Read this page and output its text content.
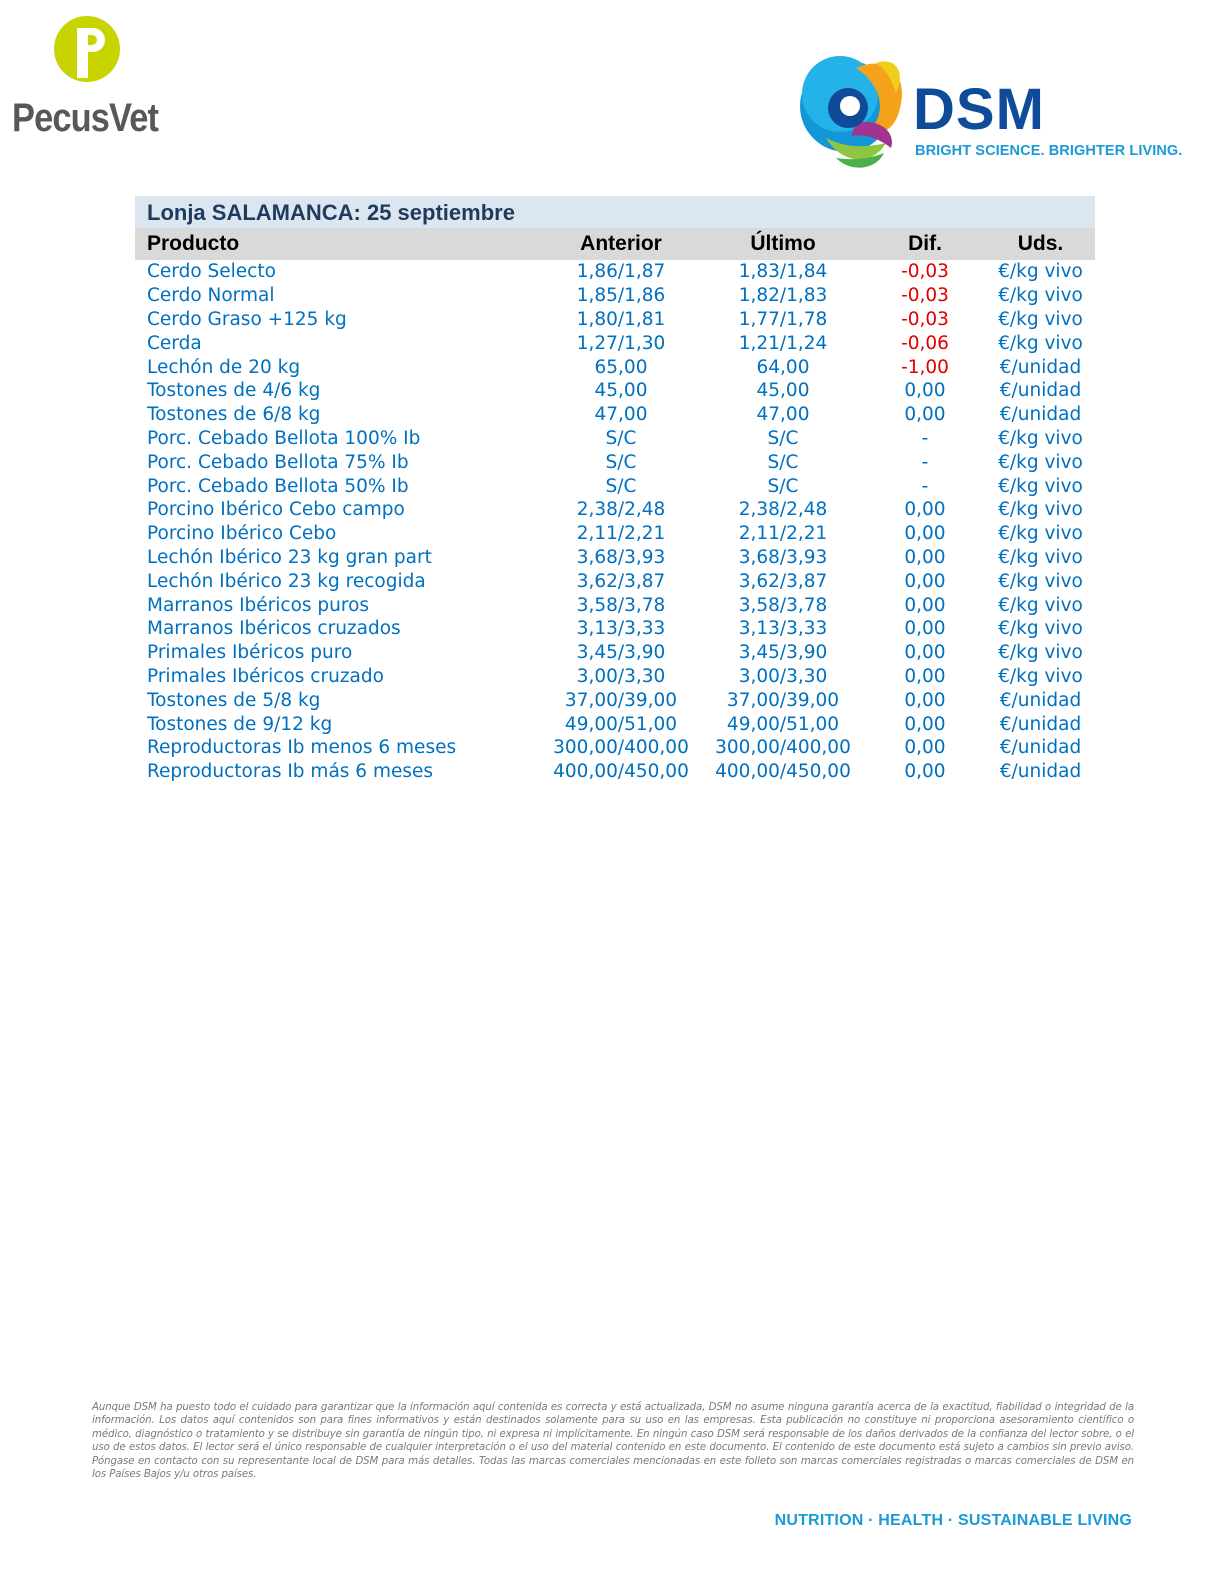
PecusVet	DSM
BRIGHT SCIENCE. BRIGHTER LIVING.
Lonja SALAMANCA: 25 septiembre
Producto	Anterior	Último	Dif.	Uds.
Cerdo Selecto	1,86/1,87	1,83/1,84	-0,03	€/kg vivo
Cerdo Normal	1,85/1,86	1,82/1,83	-0,03	€/kg vivo
Cerdo Graso +125 kg	1,80/1,81	1,77/1,78	-0,03	€/kg vivo
Cerda	1,27/1,30	1,21/1,24	-0,06	€/kg vivo
Lechón de 20 kg	65,00	64,00	-1,00	€/unidad
Tostones de 4/6 kg	45,00	45,00	0,00	€/unidad
Tostones de 6/8 kg	47,00	47,00	0,00	€/unidad
Porc. Cebado Bellota 100% Ib	S/C	S/C	-	€/kg vivo
Porc. Cebado Bellota 75% Ib	S/C	S/C	-	€/kg vivo
Porc. Cebado Bellota 50% Ib	S/C	S/C	-	€/kg vivo
Porcino Ibérico Cebo campo	2,38/2,48	2,38/2,48	0,00	€/kg vivo
Porcino Ibérico Cebo	2,11/2,21	2,11/2,21	0,00	€/kg vivo
Lechón Ibérico 23 kg gran part	3,68/3,93	3,68/3,93	0,00	€/kg vivo
Lechón Ibérico 23 kg recogida	3,62/3,87	3,62/3,87	0,00	€/kg vivo
Marranos Ibéricos puros	3,58/3,78	3,58/3,78	0,00	€/kg vivo
Marranos Ibéricos cruzados	3,13/3,33	3,13/3,33	0,00	€/kg vivo
Primales Ibéricos puro	3,45/3,90	3,45/3,90	0,00	€/kg vivo
Primales Ibéricos cruzado	3,00/3,30	3,00/3,30	0,00	€/kg vivo
Tostones de 5/8 kg	37,00/39,00	37,00/39,00	0,00	€/unidad
Tostones de 9/12 kg	49,00/51,00	49,00/51,00	0,00	€/unidad
Reproductoras Ib menos 6 meses	300,00/400,00	300,00/400,00	0,00	€/unidad
Reproductoras Ib más 6 meses	400,00/450,00	400,00/450,00	0,00	€/unidad
Aunque DSM ha puesto todo el cuidado para garantizar que la información aquí contenida es correcta y está actualizada, DSM no asume ninguna garantía acerca de la exactitud, fiabilidad o integridad de la información. Los datos aquí contenidos son para fines informativos y están destinados solamente para su uso en las empresas. Esta publicación no constituye ni proporciona asesoramiento científico o médico, diagnóstico o tratamiento y se distribuye sin garantía de ningún tipo, ni expresa ni implícitamente. En ningún caso DSM será responsable de los daños derivados de la confianza del lector sobre, o el uso de estos datos. El lector será el único responsable de cualquier interpretación o el uso del material contenido en este documento. El contenido de este documento está sujeto a cambios sin previo aviso. Póngase en contacto con su representante local de DSM para más detalles. Todas las marcas comerciales mencionadas en este folleto son marcas comerciales registradas o marcas comerciales de DSM en los Países Bajos y/u otros países.
NUTRITION · HEALTH · SUSTAINABLE LIVING
